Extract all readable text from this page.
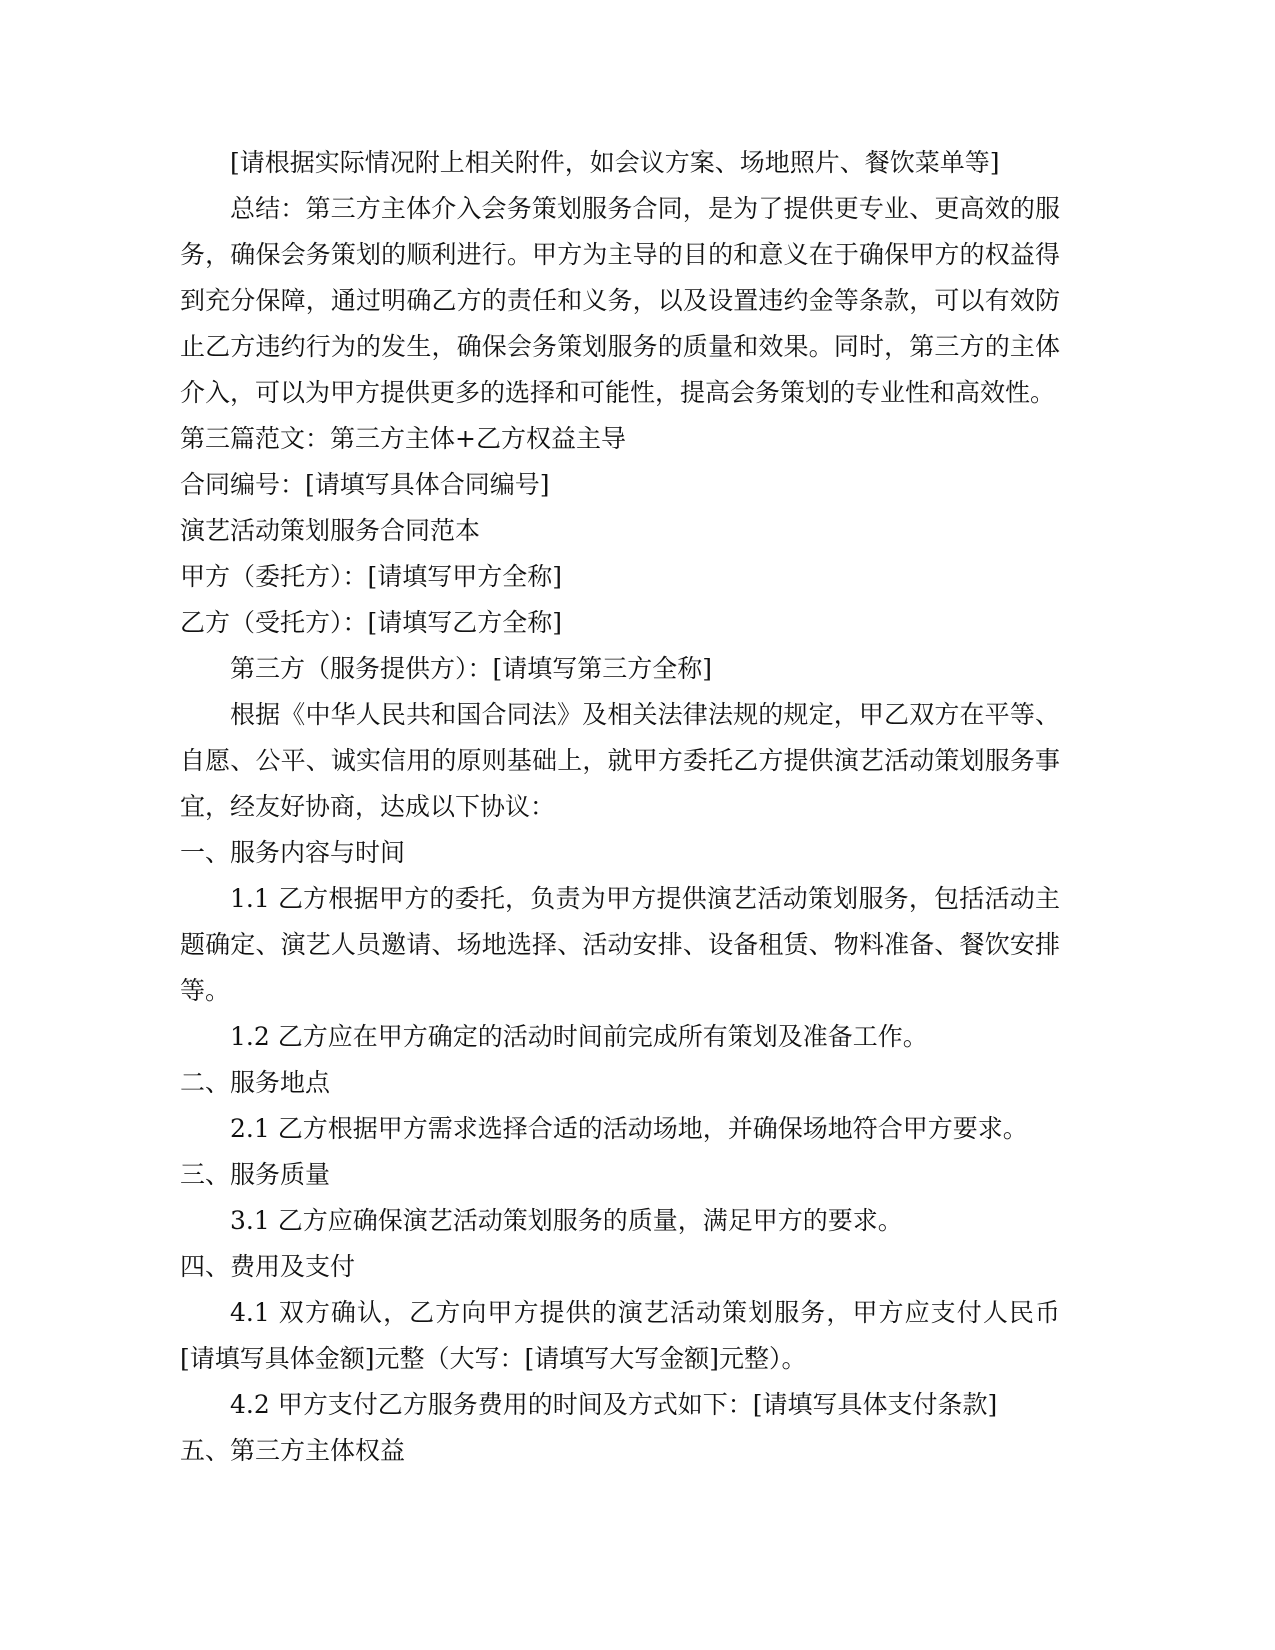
[请根据实际情况附上相关附件，如会议方案、场地照片、餐饮菜单等]

总结：第三方主体介入会务策划服务合同，是为了提供更专业、更高效的服务，确保会务策划的顺利进行。甲方为主导的目的和意义在于确保甲方的权益得到充分保障，通过明确乙方的责任和义务，以及设置违约金等条款，可以有效防止乙方违约行为的发生，确保会务策划服务的质量和效果。同时，第三方的主体介入，可以为甲方提供更多的选择和可能性，提高会务策划的专业性和高效性。

第三篇范文：第三方主体+乙方权益主导

合同编号：[请填写具体合同编号]

演艺活动策划服务合同范本

甲方（委托方）：[请填写甲方全称]

乙方（受托方）：[请填写乙方全称]

第三方（服务提供方）：[请填写第三方全称]

根据《中华人民共和国合同法》及相关法律法规的规定，甲乙双方在平等、自愿、公平、诚实信用的原则基础上，就甲方委托乙方提供演艺活动策划服务事宜，经友好协商，达成以下协议：

一、服务内容与时间

1.1 乙方根据甲方的委托，负责为甲方提供演艺活动策划服务，包括活动主题确定、演艺人员邀请、场地选择、活动安排、设备租赁、物料准备、餐饮安排等。

1.2 乙方应在甲方确定的活动时间前完成所有策划及准备工作。

二、服务地点

2.1 乙方根据甲方需求选择合适的活动场地，并确保场地符合甲方要求。

三、服务质量

3.1 乙方应确保演艺活动策划服务的质量，满足甲方的要求。

四、费用及支付

4.1 双方确认，乙方向甲方提供的演艺活动策划服务，甲方应支付人民币[请填写具体金额]元整（大写：[请填写大写金额]元整）。

4.2 甲方支付乙方服务费用的时间及方式如下：[请填写具体支付条款]

五、第三方主体权益
